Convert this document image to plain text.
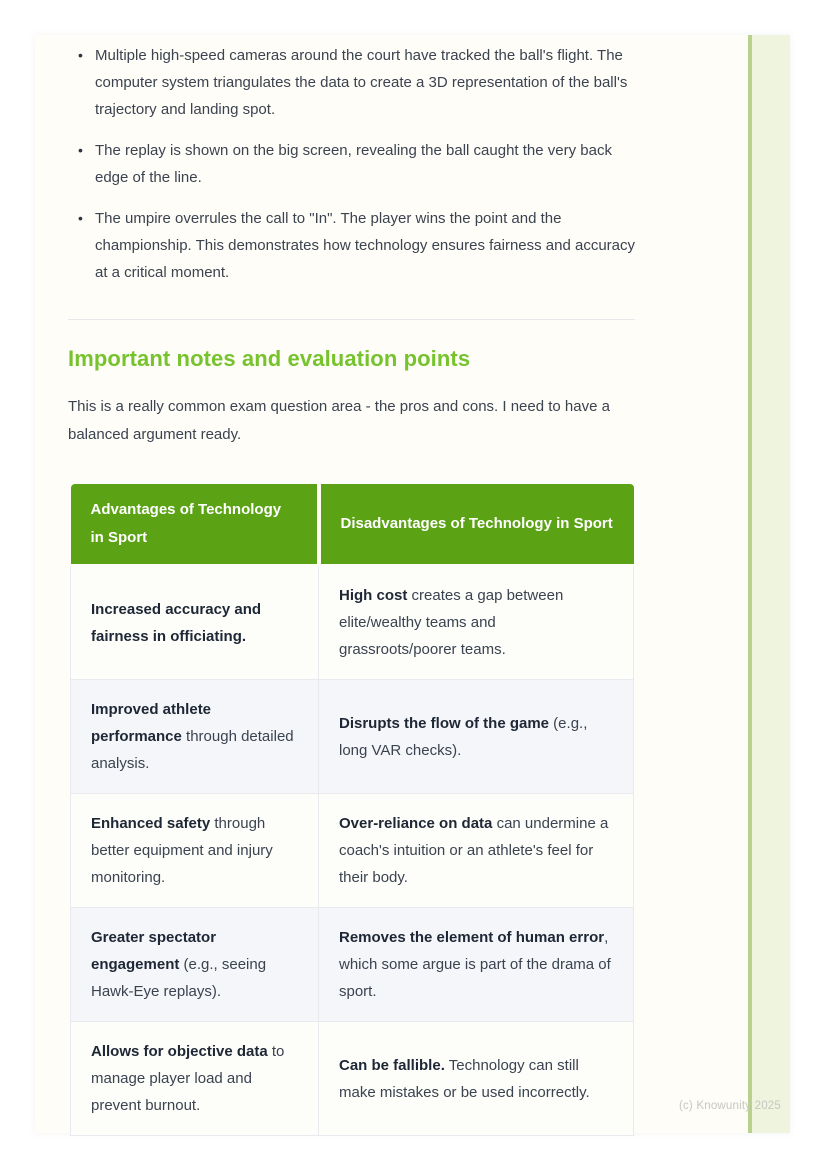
• Multiple high-speed cameras around the court have tracked the ball's flight. The computer system triangulates the data to create a 3D representation of the ball's trajectory and landing spot.
• The replay is shown on the big screen, revealing the ball caught the very back edge of the line.
• The umpire overrules the call to "In". The player wins the point and the championship. This demonstrates how technology ensures fairness and accuracy at a critical moment.
Important notes and evaluation points

This is a really common exam question area - the pros and cons. I need to have a balanced argument ready.

Advantages of Technology in Sport	Disadvantages of Technology in Sport
Increased accuracy and fairness in officiating.	High cost creates a gap between elite/wealthy teams and grassroots/poorer teams.
Improved athlete performance through detailed analysis.	Disrupts the flow of the game (e.g., long VAR checks).
Enhanced safety through better equipment and injury monitoring.	Over-reliance on data can undermine a coach's intuition or an athlete's feel for their body.
Greater spectator engagement (e.g., seeing Hawk-Eye replays).	Removes the element of human error, which some argue is part of the drama of sport.
Allows for objective data to manage player load and prevent burnout.	Can be fallible. Technology can still make mistakes or be used incorrectly.
(c) Knowunity 2025
